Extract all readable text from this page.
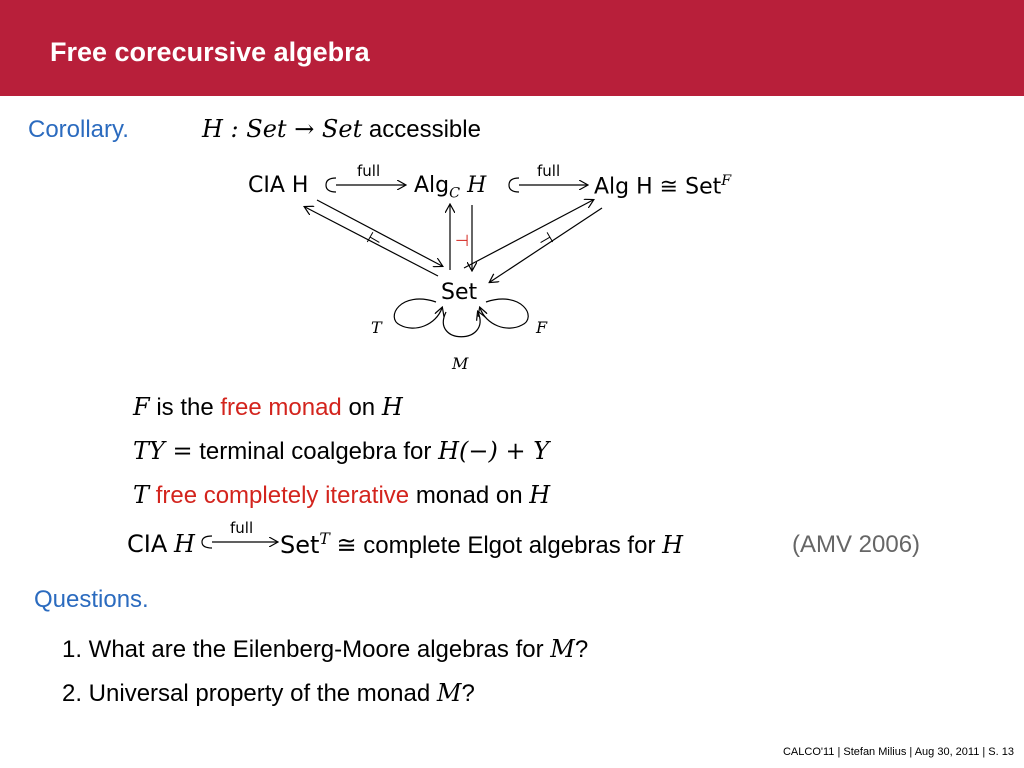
Free corecursive algebra
Corollary.	H : Set → Set accessible
CIA H
full
Alg$_C$ H
full
Alg H ≅ Set$^F$
⊤	⊣	⊤
Set
T	F
M
F is the free monad on H
TY = terminal coalgebra for H(−) + Y
T free completely iterative monad on H
CIA H
full
Set$^T$ ≅ complete Elgot algebras for H	(AMV 2006)
Questions.
1. What are the Eilenberg-Moore algebras for M?
2. Universal property of the monad M?
CALCO'11 | Stefan Milius | Aug 30, 2011 | S. 13
